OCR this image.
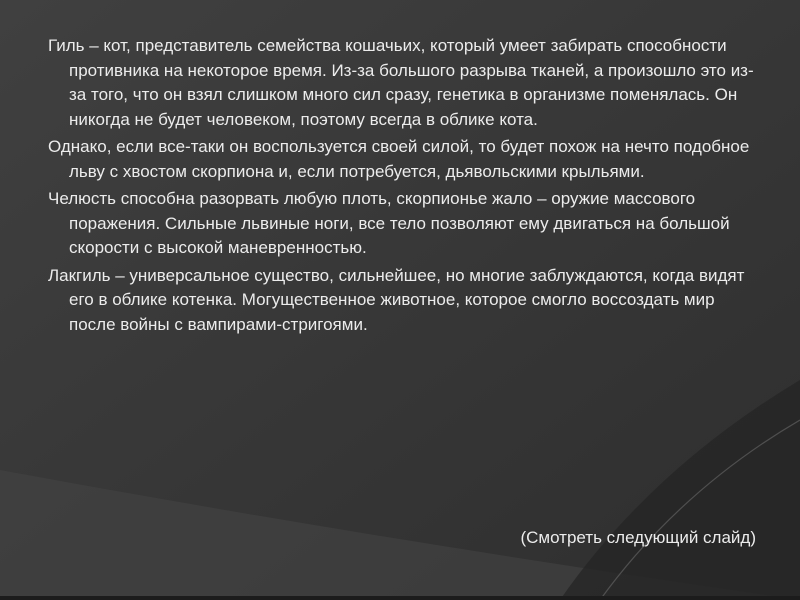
Гиль – кот, представитель семейства кошачьих, который умеет забирать способности противника на некоторое время. Из-за большого разрыва тканей, а произошло это из-за того, что он взял слишком много сил сразу, генетика в организме поменялась. Он никогда не будет человеком, поэтому всегда в облике кота.

Однако, если все-таки он воспользуется своей силой, то будет похож на нечто подобное льву с хвостом скорпиона и, если потребуется, дьявольскими крыльями.

Челюсть способна разорвать любую плоть, скорпионье жало – оружие массового поражения. Сильные львиные ноги, все тело позволяют ему двигаться на большой скорости с высокой маневренностью.

Лакгиль – универсальное существо, сильнейшее, но многие заблуждаются, когда видят его в облике котенка. Могущественное животное, которое смогло воссоздать мир после войны с вампирами-стригоями.

(Смотреть следующий слайд)
